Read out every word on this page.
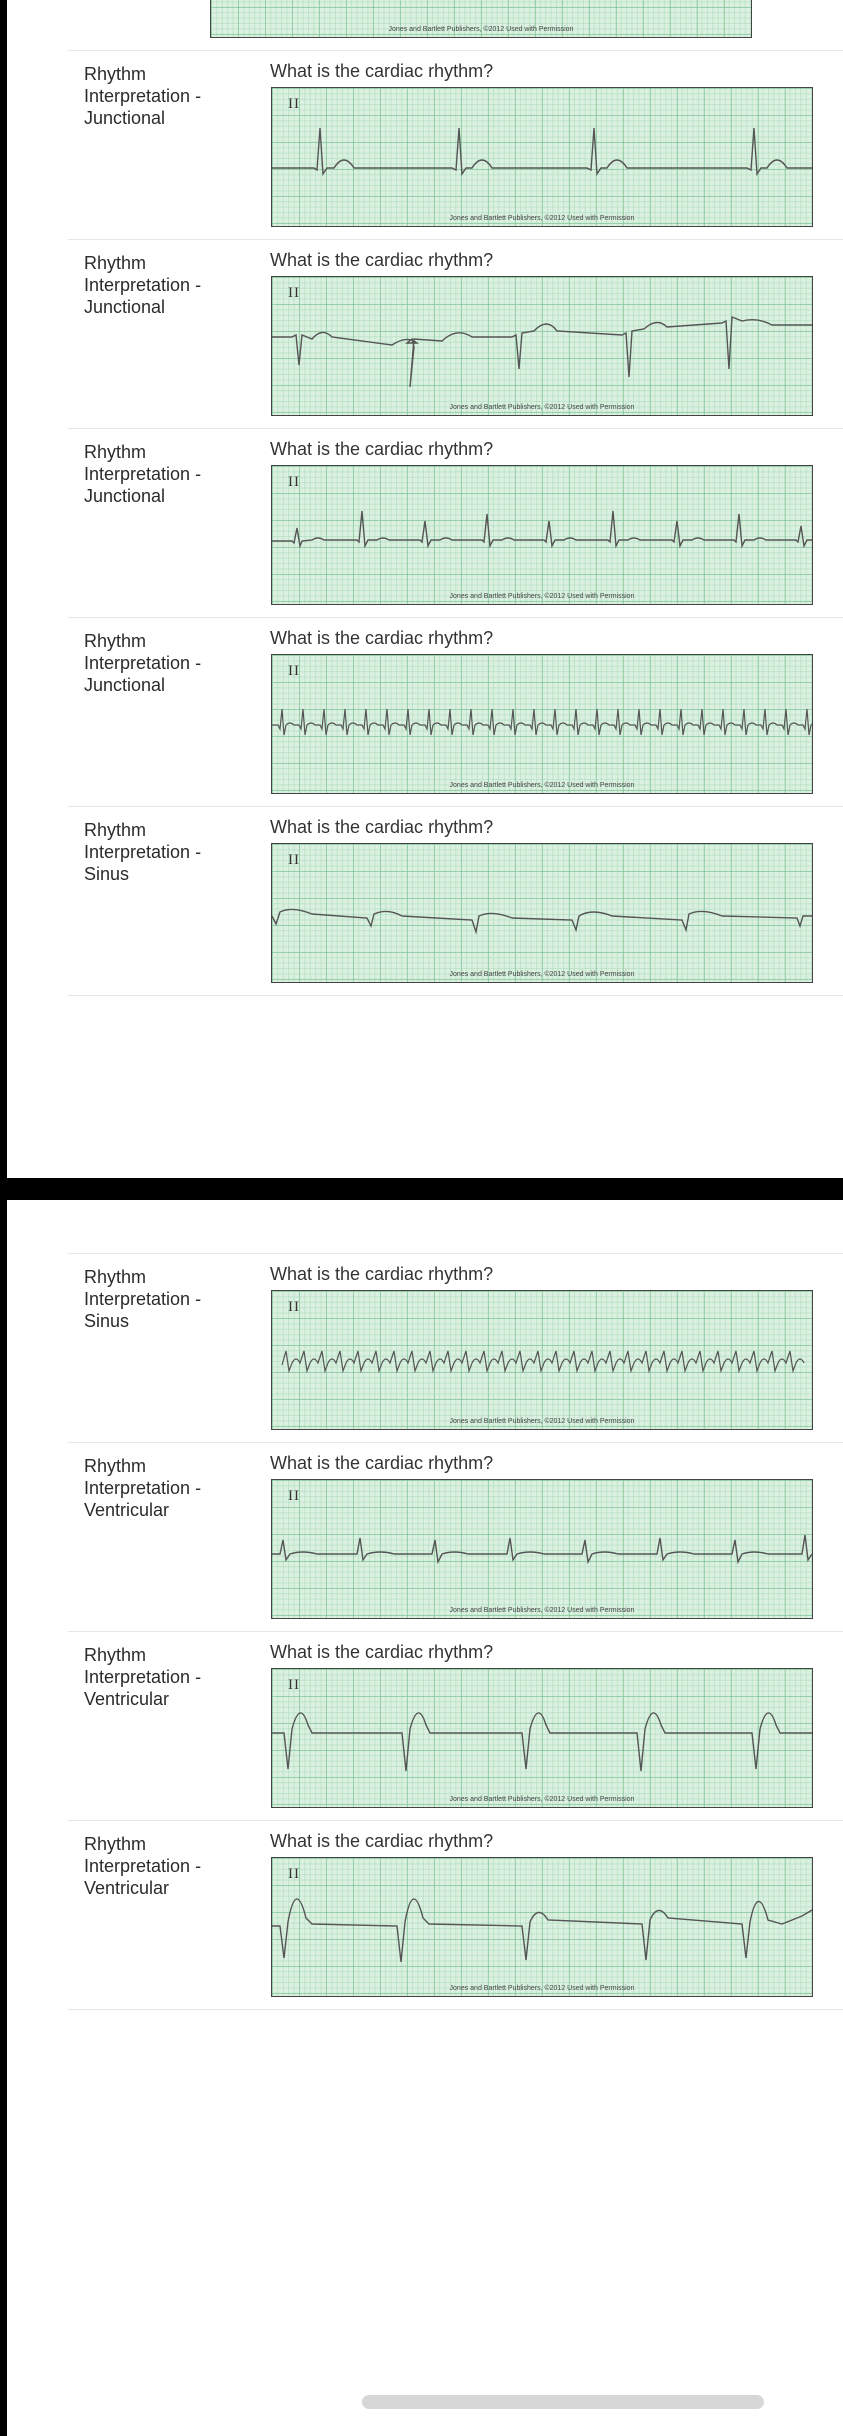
Jones and Bartlett Publishers, ©2012 Used with Permission
Rhythm Interpretation - Junctional
What is the cardiac rhythm?
II
Jones and Bartlett Publishers, ©2012 Used with Permission
Rhythm Interpretation - Junctional
What is the cardiac rhythm?
II
Jones and Bartlett Publishers, ©2012 Used with Permission
Rhythm Interpretation - Junctional
What is the cardiac rhythm?
II
Jones and Bartlett Publishers, ©2012 Used with Permission
Rhythm Interpretation - Junctional
What is the cardiac rhythm?
II
Jones and Bartlett Publishers, ©2012 Used with Permission
Rhythm Interpretation - Sinus
What is the cardiac rhythm?
II
Jones and Bartlett Publishers, ©2012 Used with Permission
Rhythm Interpretation - Sinus
What is the cardiac rhythm?
II
Jones and Bartlett Publishers, ©2012 Used with Permission
Rhythm Interpretation - Ventricular
What is the cardiac rhythm?
II
Jones and Bartlett Publishers, ©2012 Used with Permission
Rhythm Interpretation - Ventricular
What is the cardiac rhythm?
II
Jones and Bartlett Publishers, ©2012 Used with Permission
Rhythm Interpretation - Ventricular
What is the cardiac rhythm?
II
Jones and Bartlett Publishers, ©2012 Used with Permission
